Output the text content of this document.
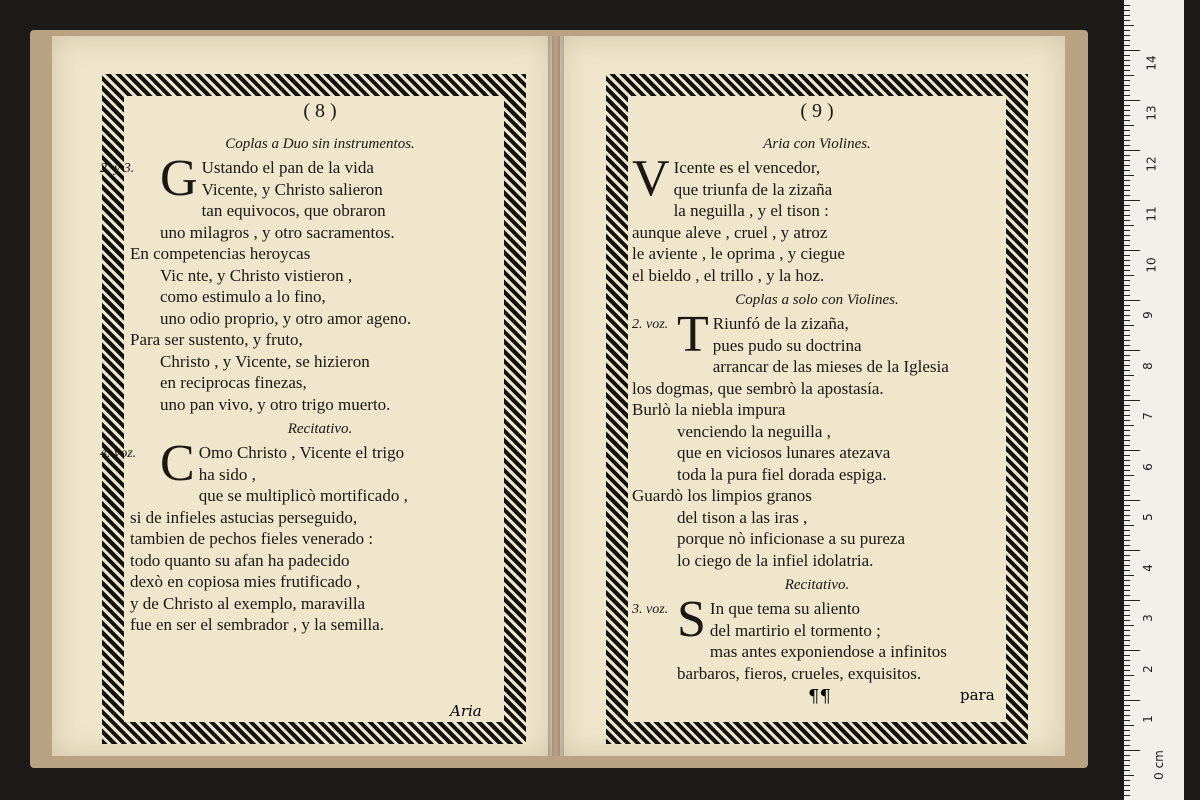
( 8 )
Coplas a Duo sin instrumentos.
2. y 3. G Ustando el pan de la vida
Vicente, y Christo salieron
tan equivocos, que obraron
uno milagros , y otro sacramentos.
En competencias heroycas
Vic nte, y Christo vistieron ,
como estimulo a lo fino,
uno odio proprio, y otro amor ageno.
Para ser sustento, y fruto,
Christo , y Vicente, se hizieron
en reciprocas finezas,
uno pan vivo, y otro trigo muerto.
Recitativo.
4. voz. C Omo Christo , Vicente el trigo
ha sido ,
que se multiplicò mortificado ,
si de infieles astucias perseguido,
tambien de pechos fieles venerado :
todo quanto su afan ha padecido
dexò en copiosa mies frutificado ,
y de Christo al exemplo, maravilla
fue en ser el sembrador , y la semilla.
Aria
( 9 )
Aria con Violines.
V Icente es el vencedor,
que triunfa de la zizaña
la neguilla , y el tison :
aunque aleve , cruel , y atroz
le aviente , le oprima , y ciegue
el bieldo , el trillo , y la hoz.
Coplas a solo con Violines.
2. voz. T Riunfó de la zizaña,
pues pudo su doctrina
arrancar de las mieses de la Iglesia
los dogmas, que sembrò la apostasía.
Burlò la niebla impura
venciendo la neguilla ,
que en viciosos lunares atezava
toda la pura fiel dorada espiga.
Guardò los limpios granos
del tison a las iras ,
porque nò inficionase a su pureza
lo ciego de la infiel idolatria.
Recitativo.
3. voz. S In que tema su aliento
del martirio el tormento ;
mas antes exponiendose a infinitos
barbaros, fieros, crueles, exquisitos.
¶¶	para
0 cm
1
2
3
4
5
6
7
8
9
10
11
12
13
14
